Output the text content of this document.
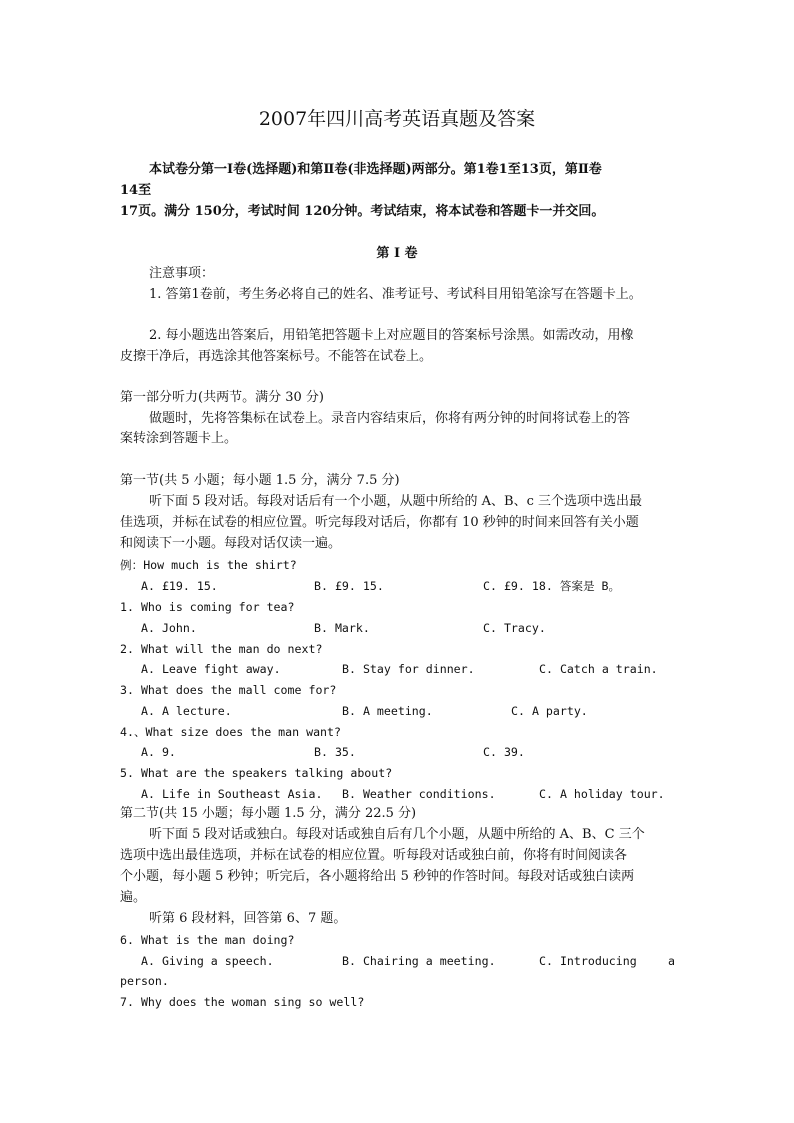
2007年四川高考英语真题及答案
本试卷分第一Ⅰ卷(选择题)和第Ⅱ卷(非选择题)两部分。第1卷1至13页，第Ⅱ卷
14至
17页。满分 150分，考试时间 120分钟。考试结束，将本试卷和答题卡一并交回。
第 I 卷
注意事项：
1. 答第1卷前，考生务必将自己的姓名、准考证号、考试科目用铅笔涂写在答题卡上。
2. 每小题选出答案后，用铅笔把答题卡上对应题目的答案标号涂黑。如需改动，用橡
皮擦干净后，再选涂其他答案标号。不能答在试卷上。
第一部分听力(共两节。满分 30 分)
做题时，先将答集标在试卷上。录音内容结束后，你将有两分钟的时间将试卷上的答
案转涂到答题卡上。
第一节(共 5 小题；每小题 1.5 分，满分 7.5 分)
听下面 5 段对话。每段对话后有一个小题，从题中所给的 A、B、c 三个选项中选出最
佳选项，并标在试卷的相应位置。听完每段对话后，你都有 10 秒钟的时间来回答有关小题
和阅读下一小题。每段对话仅读一遍。
例：How much is the shirt?
A. £19. 15.	B. £9. 15.	C. £9. 18. 答案是 B。
1. Who is coming for tea?
A. John.	B. Mark.	C. Tracy.
2. What will the man do next?
A. Leave fight away.	B. Stay for dinner.	C. Catch a train.
3. What does the mall come for?
A. A lecture.	B. A meeting.	C. A party.
4.、What size does the man want?
A. 9.	B. 35.	C. 39.
5. What are the speakers talking about?
A. Life in Southeast Asia. B. Weather conditions.	C. A holiday tour.
第二节(共 15 小题；每小题 1.5 分，满分 22.5 分)
听下面 5 段对话或独白。每段对话或独自后有几个小题，从题中所给的 A、B、C 三个
选项中选出最佳选项，并标在试卷的相应位置。听每段对话或独白前，你将有时间阅读各
个小题，每小题 5 秒钟；听完后，各小题将给出 5 秒钟的作答时间。每段对话或独白读两
遍。
听第 6 段材料，回答第 6、7 题。
6. What is the man doing?
A. Giving a speech.	B. Chairing a meeting.	C. Introducing	a
person.
7. Why does the woman sing so well?
